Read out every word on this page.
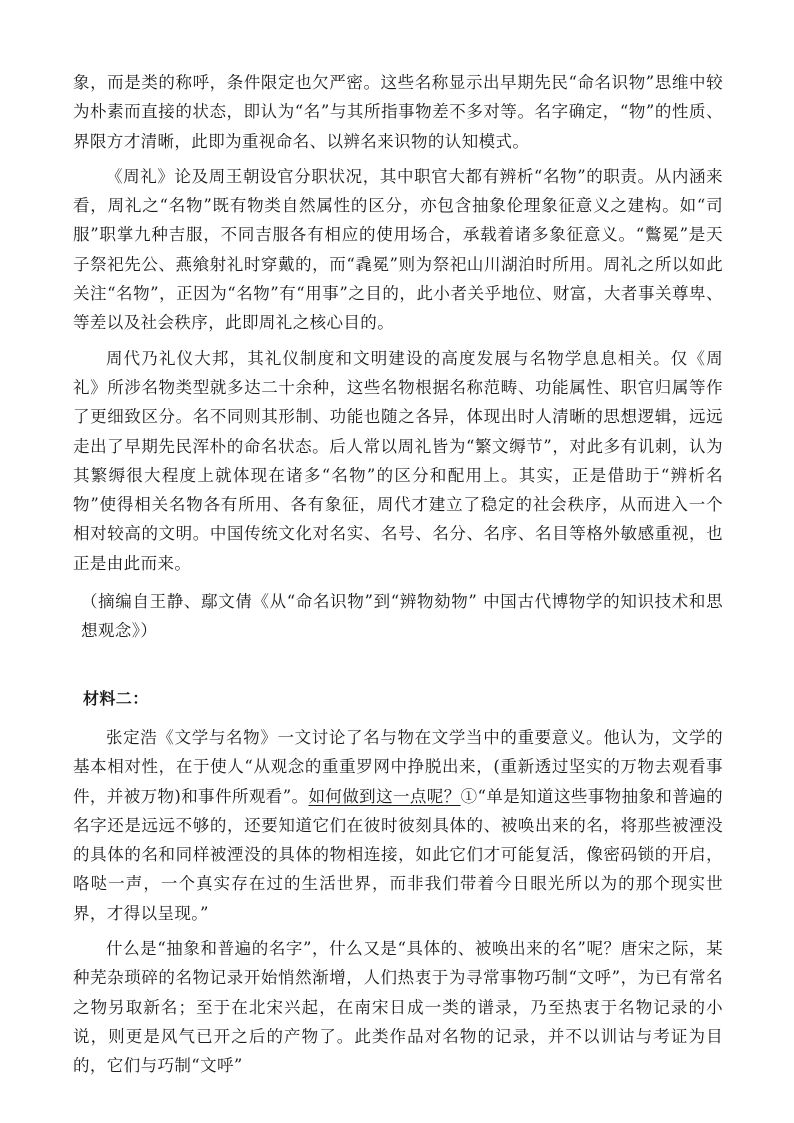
象，而是类的称呼，条件限定也欠严密。这些名称显示出早期先民“命名识物”思维中较为朴素而直接的状态，即认为“名”与其所指事物差不多对等。名字确定，“物”的性质、界限方才清晰，此即为重视命名、以辨名来识物的认知模式。

《周礼》论及周王朝设官分职状况，其中职官大都有辨析“名物”的职责。从内涵来看，周礼之“名物”既有物类自然属性的区分，亦包含抽象伦理象征意义之建构。如“司服”职掌九种吉服，不同吉服各有相应的使用场合，承载着诸多象征意义。“鷩冕”是天子祭祀先公、燕飨射礼时穿戴的，而“毳冕”则为祭祀山川湖泊时所用。周礼之所以如此关注“名物”，正因为“名物”有“用事”之目的，此小者关乎地位、财富，大者事关尊卑、等差以及社会秩序，此即周礼之核心目的。

周代乃礼仪大邦，其礼仪制度和文明建设的高度发展与名物学息息相关。仅《周礼》所涉名物类型就多达二十余种，这些名物根据名称范畴、功能属性、职官归属等作了更细致区分。名不同则其形制、功能也随之各异，体现出时人清晰的思想逻辑，远远走出了早期先民浑朴的命名状态。后人常以周礼皆为“繁文缛节”，对此多有讥刺，认为其繁缛很大程度上就体现在诸多“名物”的区分和配用上。其实，正是借助于“辨析名物”使得相关名物各有所用、各有象征，周代才建立了稳定的社会秩序，从而进入一个相对较高的文明。中国传统文化对名实、名号、名分、名序、名目等格外敏感重视，也正是由此而来。

（摘编自王静、鄢文倩《从“命名识物”到“辨物劾物” 中国古代博物学的知识技术和思想观念》）

材料二：

张定浩《文学与名物》一文讨论了名与物在文学当中的重要意义。他认为，文学的基本相对性，在于使人“从观念的重重罗网中挣脱出来，(重新透过坚实的万物去观看事件，并被万物)和事件所观看”。如何做到这一点呢？①“单是知道这些事物抽象和普遍的名字还是远远不够的，还要知道它们在彼时彼刻具体的、被唤出来的名，将那些被湮没的具体的名和同样被湮没的具体的物相连接，如此它们才可能复活，像密码锁的开启，咯哒一声，一个真实存在过的生活世界，而非我们带着今日眼光所以为的那个现实世界，才得以呈现。”

什么是“抽象和普遍的名字”，什么又是“具体的、被唤出来的名”呢？唐宋之际，某种芜杂琐碎的名物记录开始悄然渐增，人们热衷于为寻常事物巧制“文呼”，为已有常名之物另取新名；至于在北宋兴起，在南宋日成一类的谱录，乃至热衷于名物记录的小说，则更是风气已开之后的产物了。此类作品对名物的记录，并不以训诂与考证为目的，它们与巧制“文呼”
